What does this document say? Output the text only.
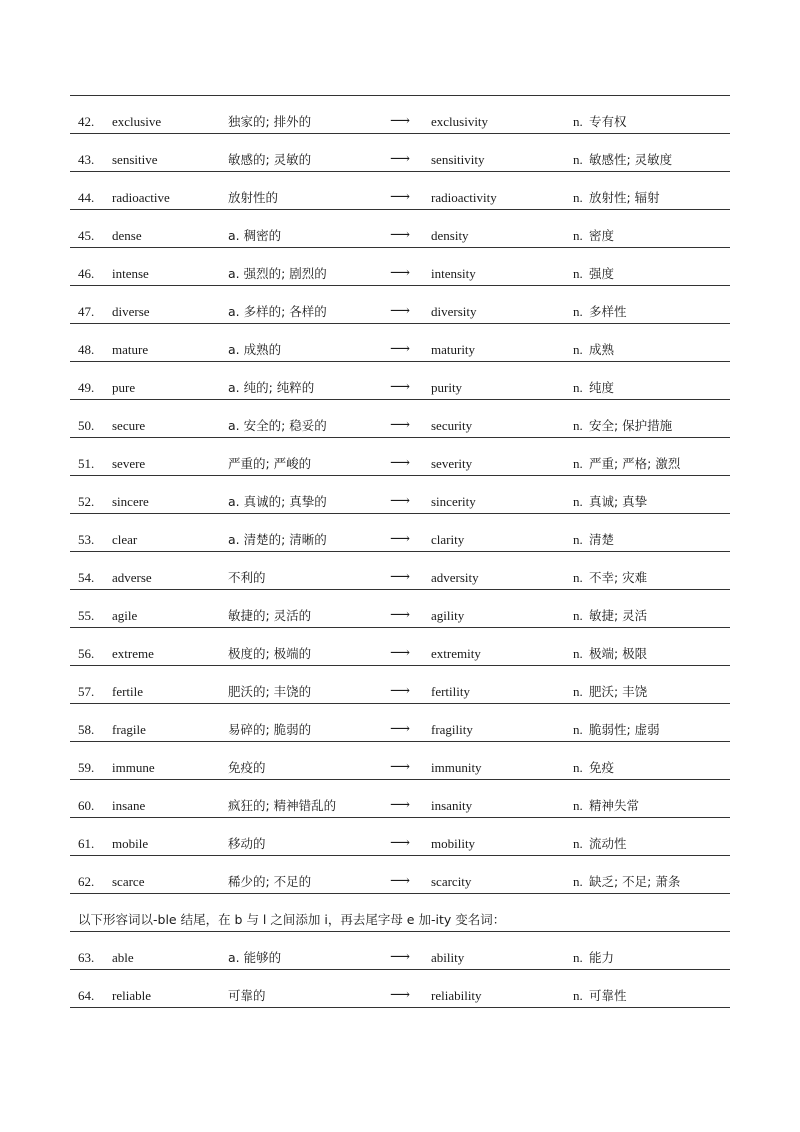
42. exclusive	独家的; 排外的	⟶ exclusivity	n. 专有权
43. sensitive	敏感的; 灵敏的	⟶ sensitivity	n. 敏感性; 灵敏度
44. radioactive	放射性的	⟶ radioactivity	n. 放射性; 辐射
45. dense	a. 稠密的	⟶ density	n. 密度
46. intense	a. 强烈的; 剧烈的	⟶ intensity	n. 强度
47. diverse	a. 多样的; 各样的	⟶ diversity	n. 多样性
48. mature	a. 成熟的	⟶ maturity	n. 成熟
49. pure	a. 纯的; 纯粹的	⟶ purity	n. 纯度
50. secure	a. 安全的; 稳妥的	⟶ security	n. 安全; 保护措施
51. severe	严重的; 严峻的	⟶ severity	n. 严重; 严格; 激烈
52. sincere	a. 真诚的; 真挚的	⟶ sincerity	n. 真诚; 真挚
53. clear	a. 清楚的; 清晰的	⟶ clarity	n. 清楚
54. adverse	不利的	⟶ adversity	n. 不幸; 灾难
55. agile	敏捷的; 灵活的	⟶ agility	n. 敏捷; 灵活
56. extreme	极度的; 极端的	⟶ extremity	n. 极端; 极限
57. fertile	肥沃的; 丰饶的	⟶ fertility	n. 肥沃; 丰饶
58. fragile	易碎的; 脆弱的	⟶ fragility	n. 脆弱性; 虚弱
59. immune	免疫的	⟶ immunity	n. 免疫
60. insane	疯狂的; 精神错乱的	⟶ insanity	n. 精神失常
61. mobile	移动的	⟶ mobility	n. 流动性
62. scarce	稀少的; 不足的	⟶ scarcity	n. 缺乏; 不足; 萧条
以下形容词以-ble 结尾，在 b 与 l 之间添加 i，再去尾字母 e 加-ity 变名词：
63. able	a. 能够的	⟶ ability	n. 能力
64. reliable	可靠的	⟶ reliability	n. 可靠性
